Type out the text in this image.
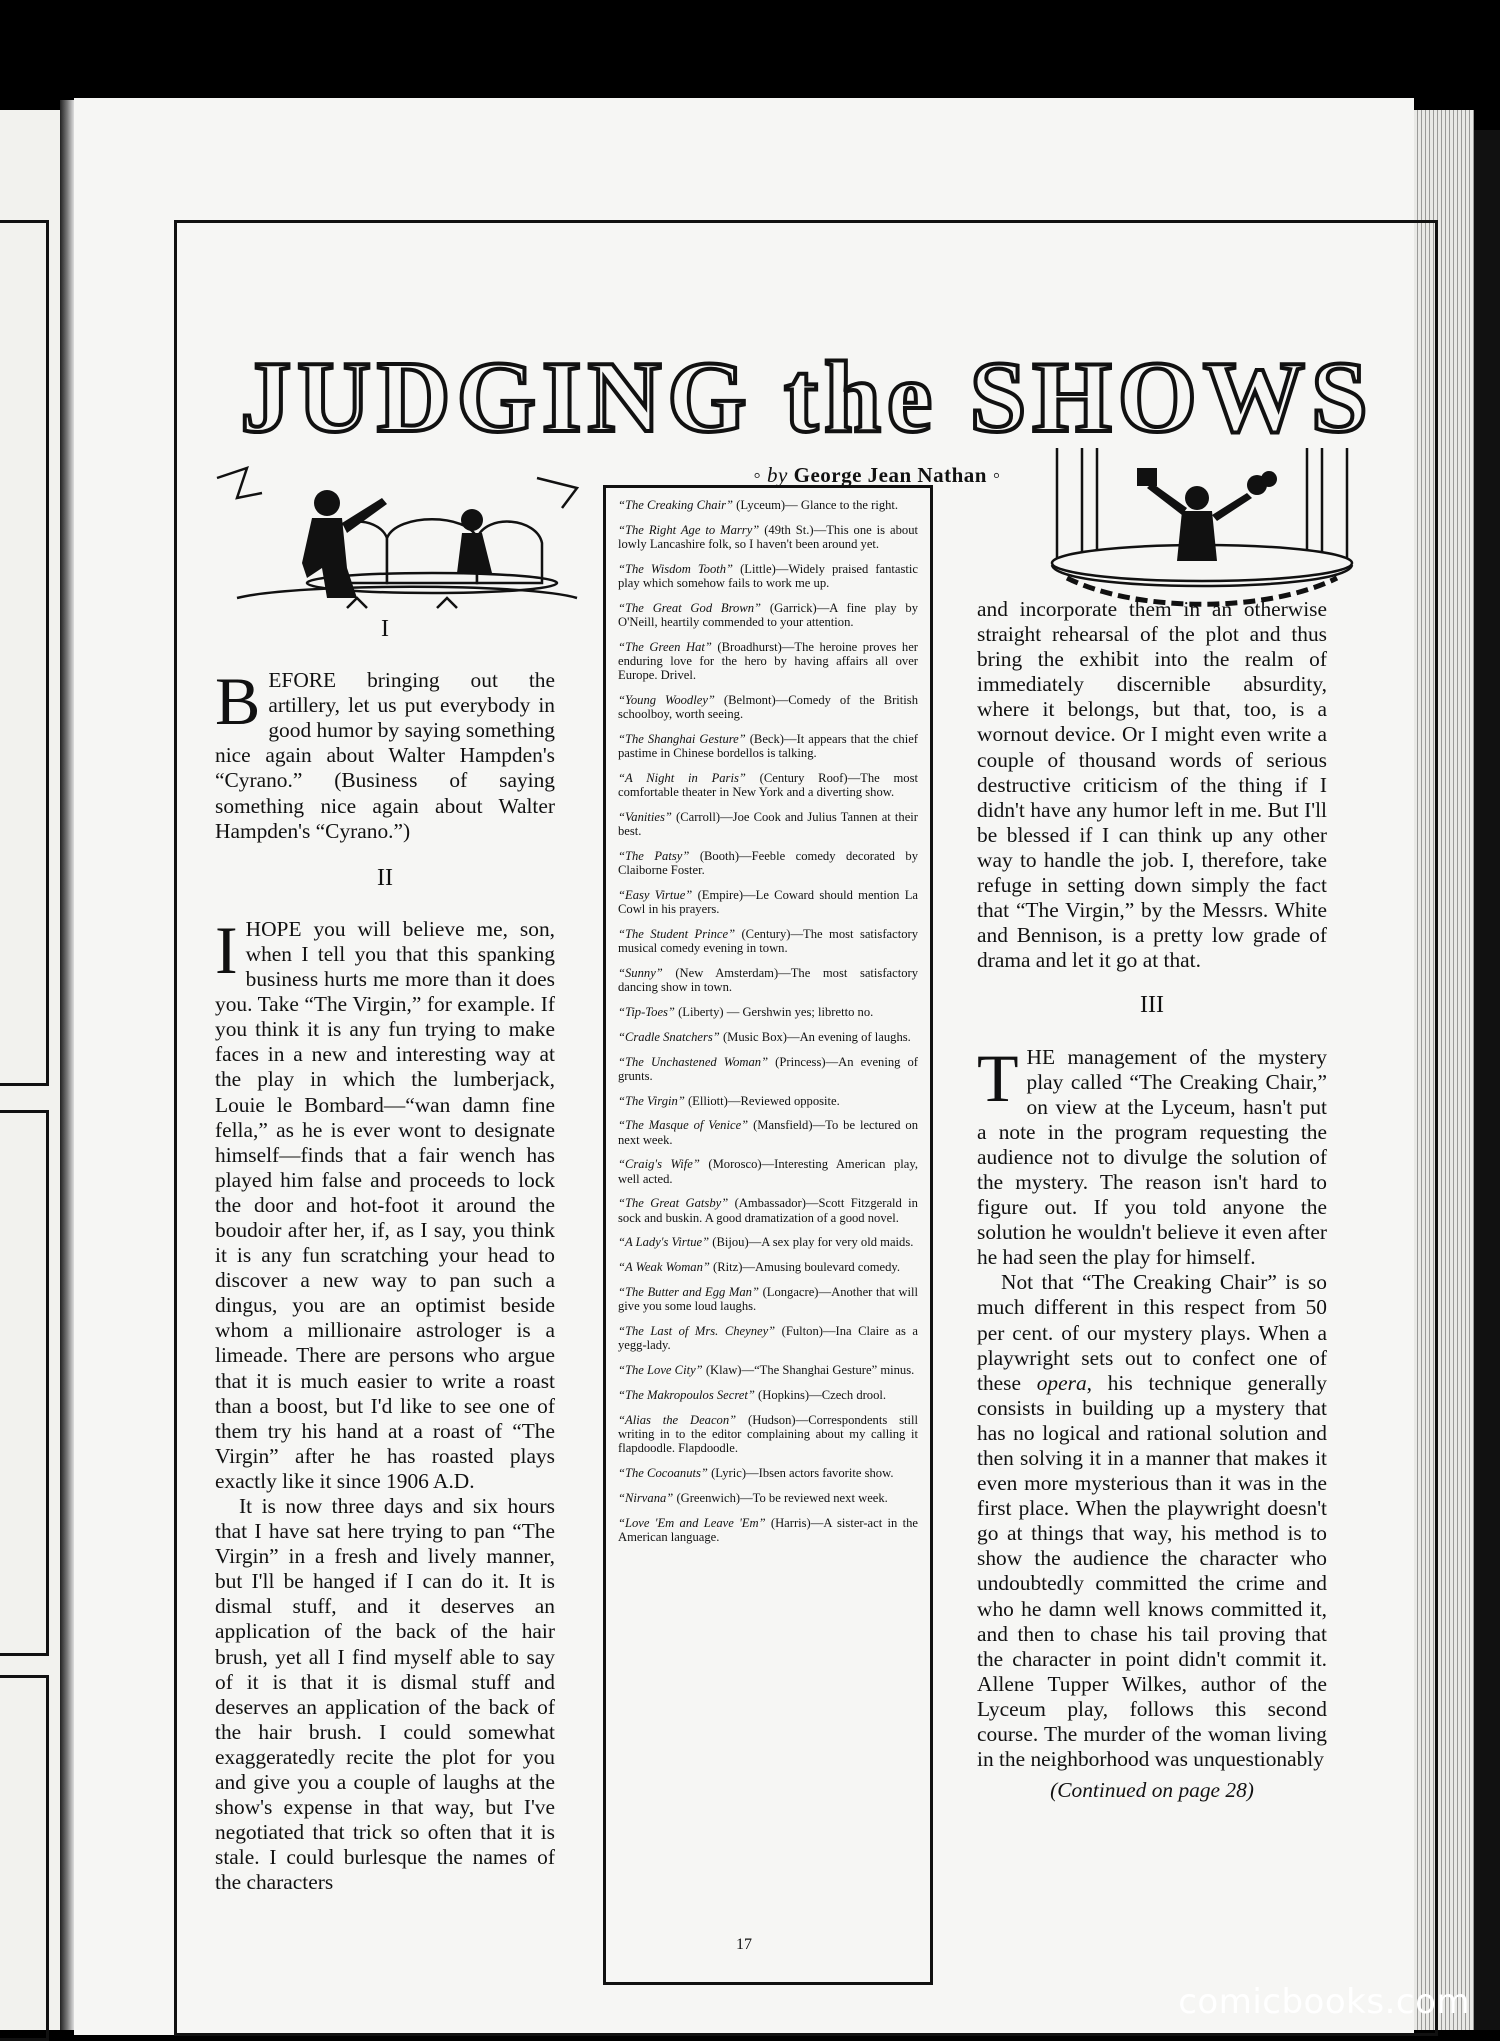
JUDGING the SHOWS
◦ by George Jean Nathan ◦
I

BEFORE bringing out the artillery, let us put everybody in good humor by saying something nice again about Walter Hampden's “Cyrano.” (Business of saying something nice again about Walter Hampden's “Cyrano.”)

II

IHOPE you will believe me, son, when I tell you that this spanking business hurts me more than it does you. Take “The Virgin,” for example. If you think it is any fun trying to make faces in a new and interesting way at the play in which the lumberjack, Louie le Bombard—“wan damn fine fella,” as he is ever wont to designate himself—finds that a fair wench has played him false and proceeds to lock the door and hot-foot it around the boudoir after her, if, as I say, you think it is any fun scratching your head to discover a new way to pan such a dingus, you are an optimist beside whom a millionaire astrologer is a limeade. There are persons who argue that it is much easier to write a roast than a boost, but I'd like to see one of them try his hand at a roast of “The Virgin” after he has roasted plays exactly like it since 1906 A.D.

It is now three days and six hours that I have sat here trying to pan “The Virgin” in a fresh and lively manner, but I'll be hanged if I can do it. It is dismal stuff, and it deserves an application of the back of the hair brush, yet all I find myself able to say of it is that it is dismal stuff and deserves an application of the back of the hair brush. I could somewhat exaggeratedly recite the plot for you and give you a couple of laughs at the show's expense in that way, but I've negotiated that trick so often that it is stale. I could burlesque the names of the characters

“The Creaking Chair” (Lyceum)— Glance to the right.

“The Right Age to Marry” (49th St.)—This one is about lowly Lancashire folk, so I haven't been around yet.

“The Wisdom Tooth” (Little)—Widely praised fantastic play which somehow fails to work me up.

“The Great God Brown” (Garrick)—A fine play by O'Neill, heartily commended to your attention.

“The Green Hat” (Broadhurst)—The heroine proves her enduring love for the hero by having affairs all over Europe. Drivel.

“Young Woodley” (Belmont)—Comedy of the British schoolboy, worth seeing.

“The Shanghai Gesture” (Beck)—It appears that the chief pastime in Chinese bordellos is talking.

“A Night in Paris” (Century Roof)—The most comfortable theater in New York and a diverting show.

“Vanities” (Carroll)—Joe Cook and Julius Tannen at their best.

“The Patsy” (Booth)—Feeble comedy decorated by Claiborne Foster.

“Easy Virtue” (Empire)—Le Coward should mention La Cowl in his prayers.

“The Student Prince” (Century)—The most satisfactory musical comedy evening in town.

“Sunny” (New Amsterdam)—The most satisfactory dancing show in town.

“Tip-Toes” (Liberty) — Gershwin yes; libretto no.

“Cradle Snatchers” (Music Box)—An evening of laughs.

“The Unchastened Woman” (Princess)—An evening of grunts.

“The Virgin” (Elliott)—Reviewed opposite.

“The Masque of Venice” (Mansfield)—To be lectured on next week.

“Craig's Wife” (Morosco)—Interesting American play, well acted.

“The Great Gatsby” (Ambassador)—Scott Fitzgerald in sock and buskin. A good dramatization of a good novel.

“A Lady's Virtue” (Bijou)—A sex play for very old maids.

“A Weak Woman” (Ritz)—Amusing boulevard comedy.

“The Butter and Egg Man” (Longacre)—Another that will give you some loud laughs.

“The Last of Mrs. Cheyney” (Fulton)—Ina Claire as a yegg-lady.

“The Love City” (Klaw)—“The Shanghai Gesture” minus.

“The Makropoulos Secret” (Hopkins)—Czech drool.

“Alias the Deacon” (Hudson)—Correspondents still writing in to the editor complaining about my calling it flapdoodle. Flapdoodle.

“The Cocoanuts” (Lyric)—Ibsen actors favorite show.

“Nirvana” (Greenwich)—To be reviewed next week.

“Love 'Em and Leave 'Em” (Harris)—A sister-act in the American language.

and incorporate them in an otherwise straight rehearsal of the plot and thus bring the exhibit into the realm of immediately discernible absurdity, where it belongs, but that, too, is a wornout device. Or I might even write a couple of thousand words of serious destructive criticism of the thing if I didn't have any humor left in me. But I'll be blessed if I can think up any other way to handle the job. I, therefore, take refuge in setting down simply the fact that “The Virgin,” by the Messrs. White and Bennison, is a pretty low grade of drama and let it go at that.

III

THE management of the mystery play called “The Creaking Chair,” on view at the Lyceum, hasn't put a note in the program requesting the audience not to divulge the solution of the mystery. The reason isn't hard to figure out. If you told anyone the solution he wouldn't believe it even after he had seen the play for himself.

Not that “The Creaking Chair” is so much different in this respect from 50 per cent. of our mystery plays. When a playwright sets out to confect one of these opera, his technique generally consists in building up a mystery that has no logical and rational solution and then solving it in a manner that makes it even more mysterious than it was in the first place. When the playwright doesn't go at things that way, his method is to show the audience the character who undoubtedly committed the crime and who he damn well knows committed it, and then to chase his tail proving that the character in point didn't commit it. Allene Tupper Wilkes, author of the Lyceum play, follows this second course. The murder of the woman living in the neighborhood was unquestionably

(Continued on page 28)
17
comicbooks.com
